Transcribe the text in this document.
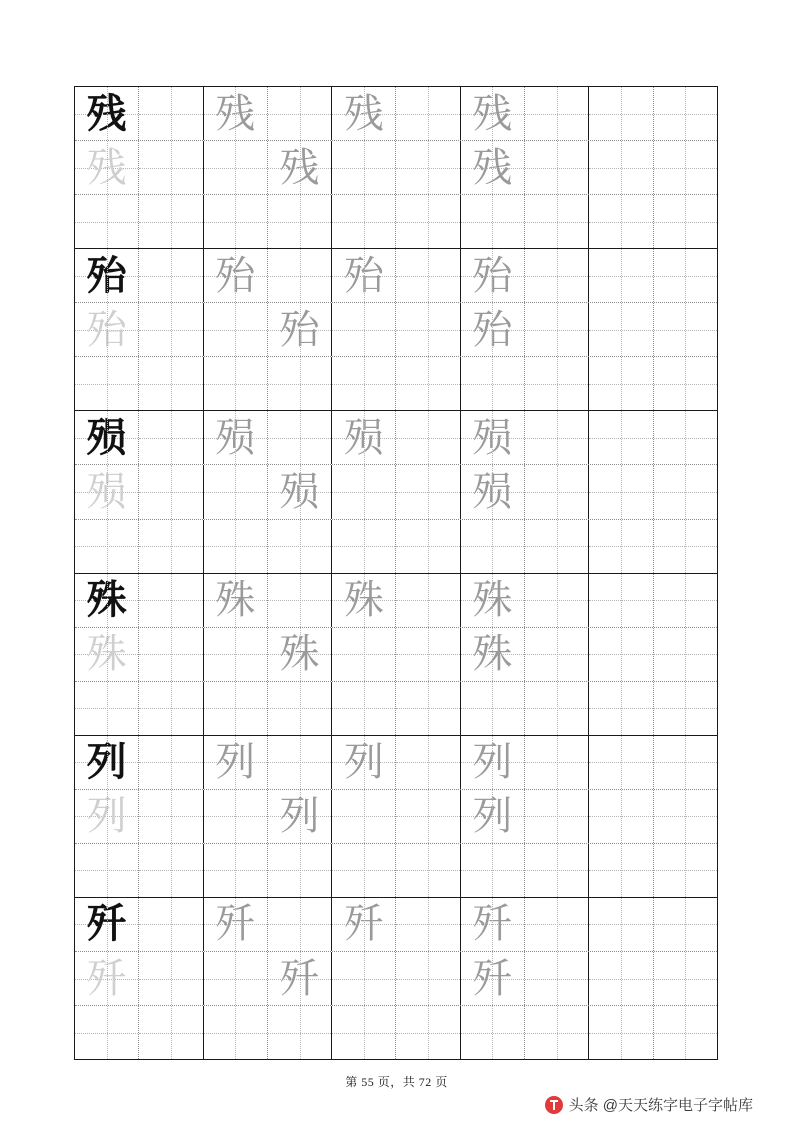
残 残 残 残
残	残	残
殆 殆 殆 殆
殆	殆	殆
殒 殒 殒 殒
殒	殒	殒
殊 殊 殊 殊
殊	殊	殊
列 列 列 列
列	列	列
歼 歼 歼 歼
歼	歼	歼
第 55 页，共 72 页
头条 @天天练字电子字帖库
